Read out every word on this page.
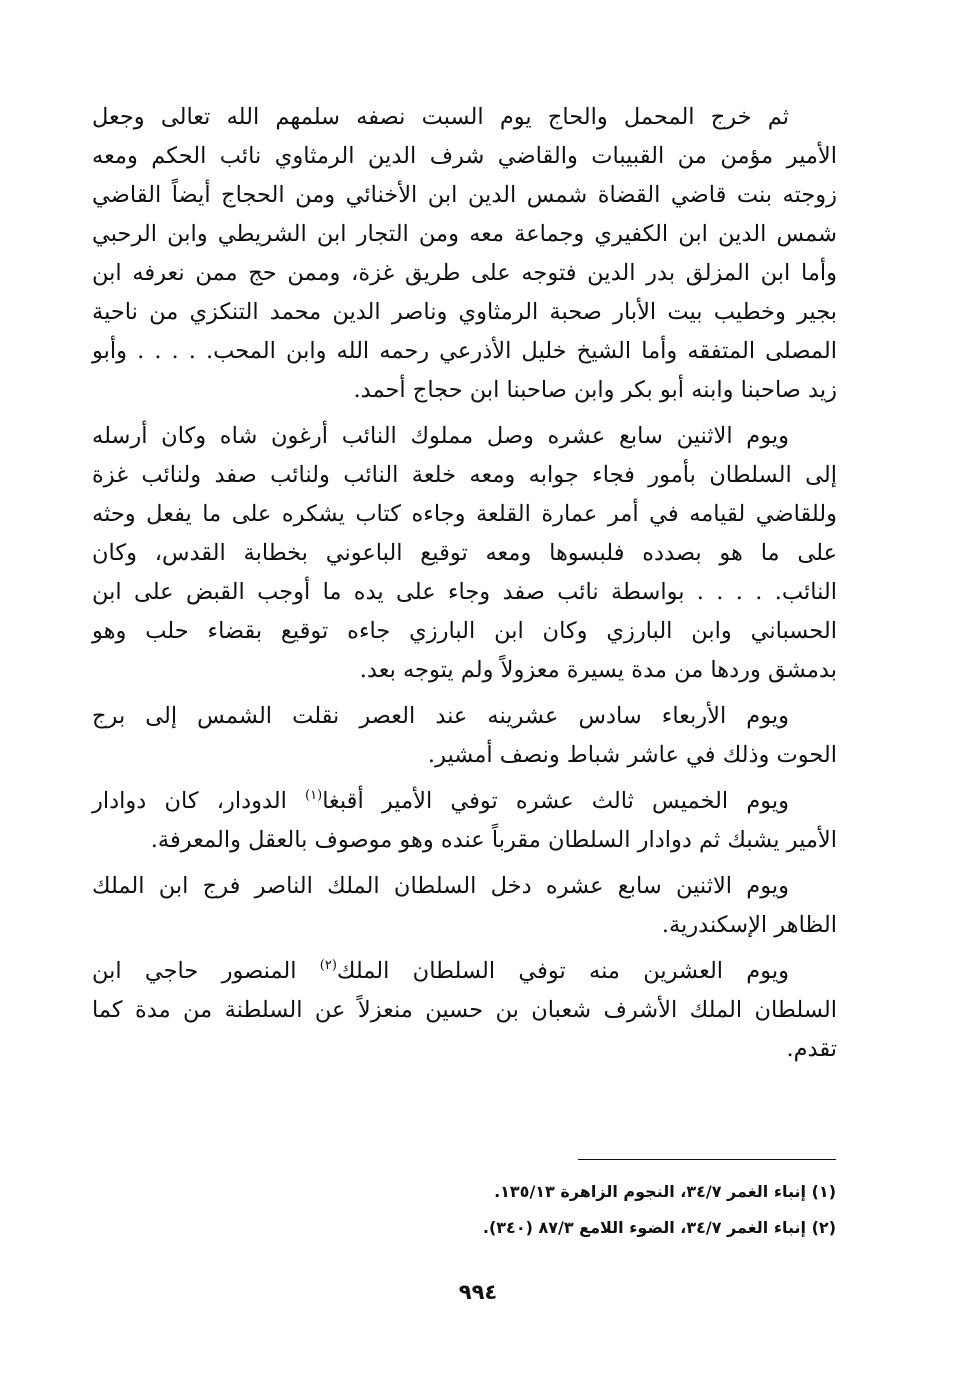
ثم خرج المحمل والحاج يوم السبت نصفه سلمهم الله تعالى وجعل
الأمير مؤمن من القبيبات والقاضي شرف الدين الرمثاوي نائب الحكم ومعه
زوجته بنت قاضي القضاة شمس الدين ابن الأخنائي ومن الحجاج أيضاً القاضي
شمس الدين ابن الكفيري وجماعة معه ومن التجار ابن الشريطي وابن الرحبي
وأما ابن المزلق بدر الدين فتوجه على طريق غزة، وممن حج ممن نعرفه ابن
بجير وخطيب بيت الأبار صحبة الرمثاوي وناصر الدين محمد التنكزي من ناحية
المصلى المتفقه وأما الشيخ خليل الأذرعي رحمه الله وابن المحب. . . . . وأبو
زيد صاحبنا وابنه أبو بكر وابن صاحبنا ابن حجاج أحمد.

ويوم الاثنين سابع عشره وصل مملوك النائب أرغون شاه وكان أرسله
إلى السلطان بأمور فجاء جوابه ومعه خلعة النائب ولنائب صفد ولنائب غزة
وللقاضي لقيامه في أمر عمارة القلعة وجاءه كتاب يشكره على ما يفعل وحثه
على ما هو بصدده فلبسوها ومعه توقيع الباعوني بخطابة القدس، وكان
النائب. . . . . بواسطة نائب صفد وجاء على يده ما أوجب القبض على ابن
الحسباني وابن البارزي وكان ابن البارزي جاءه توقيع بقضاء حلب وهو
بدمشق وردها من مدة يسيرة معزولاً ولم يتوجه بعد.

ويوم الأربعاء سادس عشرينه عند العصر نقلت الشمس إلى برج
الحوت وذلك في عاشر شباط ونصف أمشير.

ويوم الخميس ثالث عشره توفي الأمير أقبغا$^{(١)}$ الدودار، كان دوادار
الأمير يشبك ثم دوادار السلطان مقرباً عنده وهو موصوف بالعقل والمعرفة.

ويوم الاثنين سابع عشره دخل السلطان الملك الناصر فرج ابن الملك
الظاهر الإسكندرية.

ويوم العشرين منه توفي السلطان الملك$^{(٢)}$ المنصور حاجي ابن
السلطان الملك الأشرف شعبان بن حسين منعزلاً عن السلطنة من مدة كما
تقدم.

(١) إنباء الغمر ٣٤/٧، النجوم الزاهرة ١٣٥/١٣.
(٢) إنباء الغمر ٣٤/٧، الضوء اللامع ٨٧/٣ (٣٤٠).
٩٩٤
